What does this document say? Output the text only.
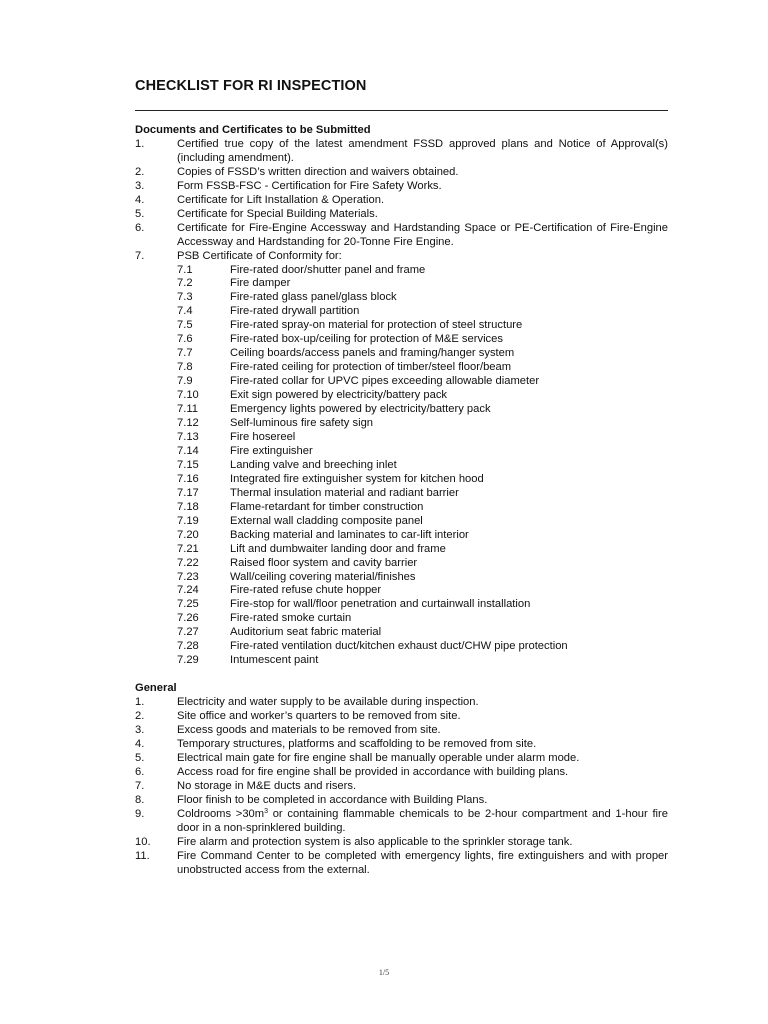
CHECKLIST FOR RI INSPECTION
Documents and Certificates to be Submitted
1.	Certified true copy of the latest amendment FSSD approved plans and Notice of Approval(s) (including amendment).
2.	Copies of FSSD’s written direction and waivers obtained.
3.	Form FSSB-FSC - Certification for Fire Safety Works.
4.	Certificate for Lift Installation & Operation.
5.	Certificate for Special Building Materials.
6.	Certificate for Fire-Engine Accessway and Hardstanding Space or PE-Certification of Fire-Engine Accessway and Hardstanding for 20-Tonne Fire Engine.
7.	PSB Certificate of Conformity for:
7.1	Fire-rated door/shutter panel and frame
7.2	Fire damper
7.3	Fire-rated glass panel/glass block
7.4	Fire-rated drywall partition
7.5	Fire-rated spray-on material for protection of steel structure
7.6	Fire-rated box-up/ceiling for protection of M&E services
7.7	Ceiling boards/access panels and framing/hanger system
7.8	Fire-rated ceiling for protection of timber/steel floor/beam
7.9	Fire-rated collar for UPVC pipes exceeding allowable diameter
7.10	Exit sign powered by electricity/battery pack
7.11	Emergency lights powered by electricity/battery pack
7.12	Self-luminous fire safety sign
7.13	Fire hosereel
7.14	Fire extinguisher
7.15	Landing valve and breeching inlet
7.16	Integrated fire extinguisher system for kitchen hood
7.17	Thermal insulation material and radiant barrier
7.18	Flame-retardant for timber construction
7.19	External wall cladding composite panel
7.20	Backing material and laminates to car-lift interior
7.21	Lift and dumbwaiter landing door and frame
7.22	Raised floor system and cavity barrier
7.23	Wall/ceiling covering material/finishes
7.24	Fire-rated refuse chute hopper
7.25	Fire-stop for wall/floor penetration and curtainwall installation
7.26	Fire-rated smoke curtain
7.27	Auditorium seat fabric material
7.28	Fire-rated ventilation duct/kitchen exhaust duct/CHW pipe protection
7.29	Intumescent paint
General
1.	Electricity and water supply to be available during inspection.
2.	Site office and worker’s quarters to be removed from site.
3.	Excess goods and materials to be removed from site.
4.	Temporary structures, platforms and scaffolding to be removed from site.
5.	Electrical main gate for fire engine shall be manually operable under alarm mode.
6.	Access road for fire engine shall be provided in accordance with building plans.
7.	No storage in M&E ducts and risers.
8.	Floor finish to be completed in accordance with Building Plans.
9.	Coldrooms $>30m^3$ or containing flammable chemicals to be 2-hour compartment and 1-hour fire door in a non-sprinklered building.
10. Fire alarm and protection system is also applicable to the sprinkler storage tank.
11. Fire Command Center to be completed with emergency lights, fire extinguishers and with proper unobstructed access from the external.
1/5
